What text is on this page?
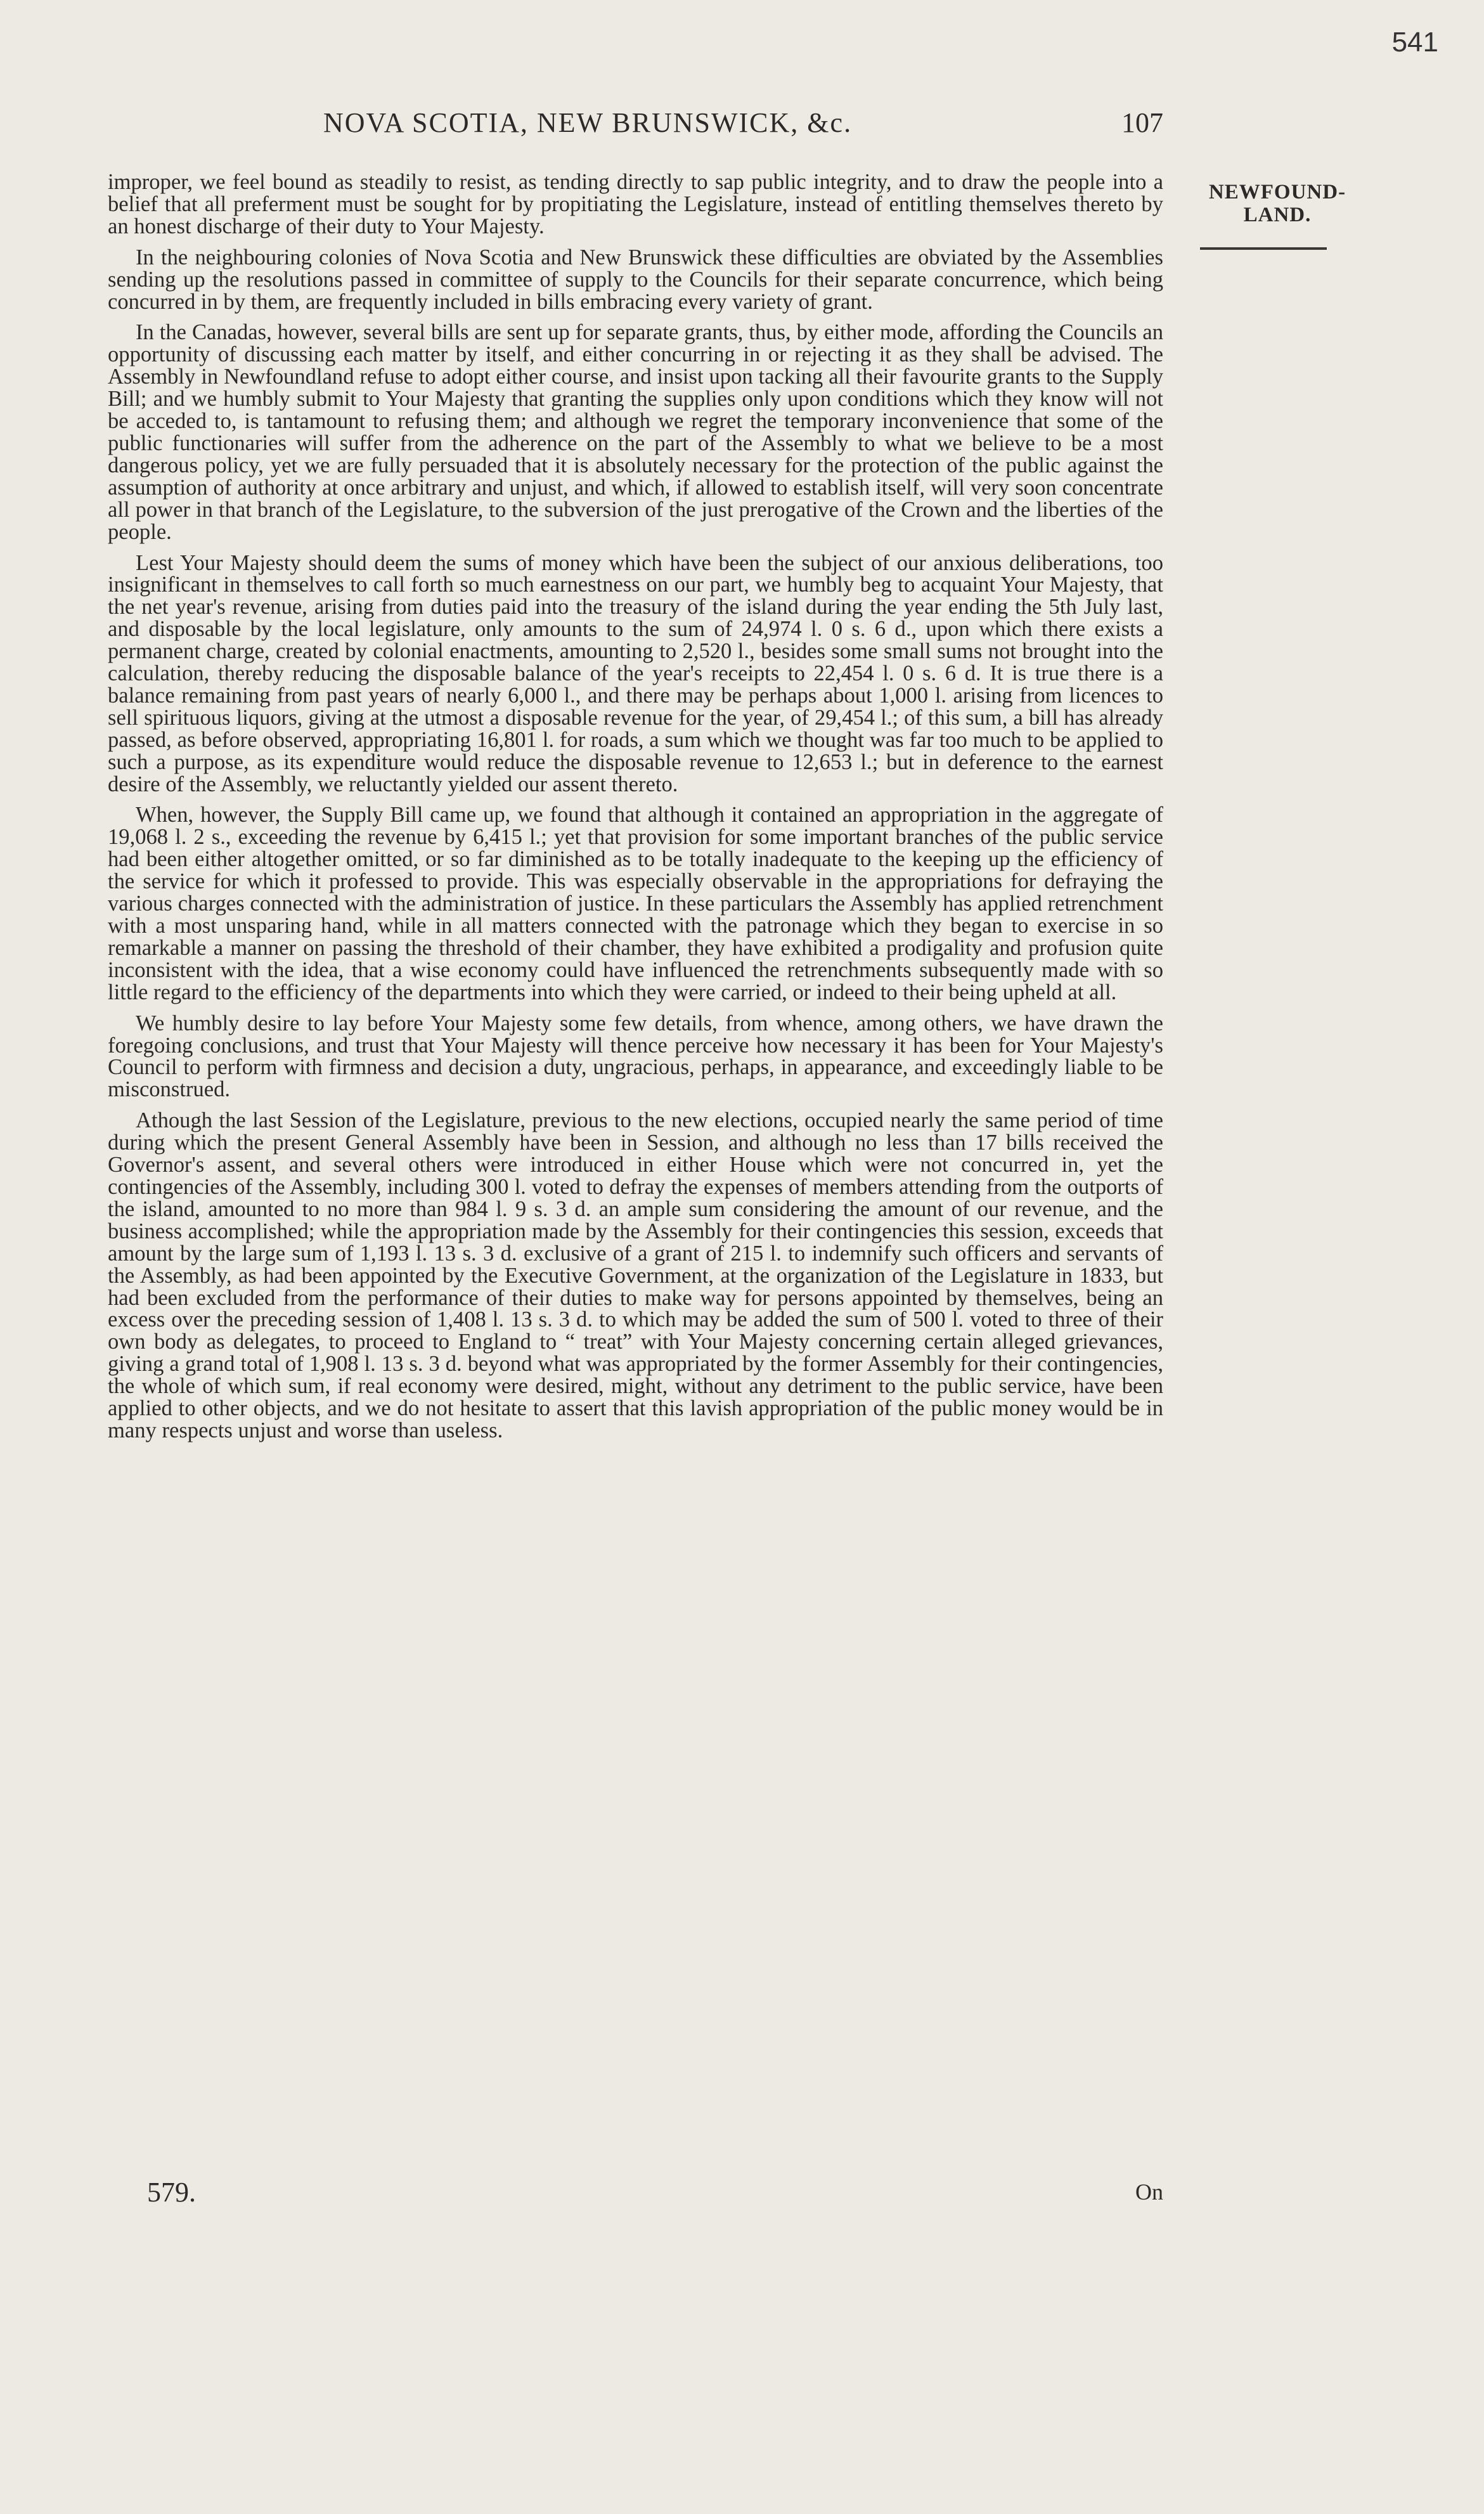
541
NOVA SCOTIA, NEW BRUNSWICK, &c.	107
NEWFOUND-
LAND.

improper, we feel bound as steadily to resist, as tending directly to sap public integrity, and to draw the people into a belief that all preferment must be sought for by propitiating the Legislature, instead of entitling themselves thereto by an honest discharge of their duty to Your Majesty.

In the neighbouring colonies of Nova Scotia and New Brunswick these difficulties are obviated by the Assemblies sending up the resolutions passed in committee of supply to the Councils for their separate concurrence, which being concurred in by them, are frequently included in bills embracing every variety of grant.

In the Canadas, however, several bills are sent up for separate grants, thus, by either mode, affording the Councils an opportunity of discussing each matter by itself, and either concurring in or rejecting it as they shall be advised. The Assembly in Newfoundland refuse to adopt either course, and insist upon tacking all their favourite grants to the Supply Bill; and we humbly submit to Your Majesty that granting the supplies only upon conditions which they know will not be acceded to, is tantamount to refusing them; and although we regret the temporary inconvenience that some of the public functionaries will suffer from the adherence on the part of the Assembly to what we believe to be a most dangerous policy, yet we are fully persuaded that it is absolutely necessary for the protection of the public against the assumption of authority at once arbitrary and unjust, and which, if allowed to establish itself, will very soon concentrate all power in that branch of the Legislature, to the subversion of the just prerogative of the Crown and the liberties of the people.

Lest Your Majesty should deem the sums of money which have been the subject of our anxious deliberations, too insignificant in themselves to call forth so much earnestness on our part, we humbly beg to acquaint Your Majesty, that the net year's revenue, arising from duties paid into the treasury of the island during the year ending the 5th July last, and disposable by the local legislature, only amounts to the sum of 24,974 l. 0 s. 6 d., upon which there exists a permanent charge, created by colonial enactments, amounting to 2,520 l., besides some small sums not brought into the calculation, thereby reducing the disposable balance of the year's receipts to 22,454 l. 0 s. 6 d. It is true there is a balance remaining from past years of nearly 6,000 l., and there may be perhaps about 1,000 l. arising from licences to sell spirituous liquors, giving at the utmost a disposable revenue for the year, of 29,454 l.; of this sum, a bill has already passed, as before observed, appropriating 16,801 l. for roads, a sum which we thought was far too much to be applied to such a purpose, as its expenditure would reduce the disposable revenue to 12,653 l.; but in deference to the earnest desire of the Assembly, we reluctantly yielded our assent thereto.

When, however, the Supply Bill came up, we found that although it contained an appropriation in the aggregate of 19,068 l. 2 s., exceeding the revenue by 6,415 l.; yet that provision for some important branches of the public service had been either altogether omitted, or so far diminished as to be totally inadequate to the keeping up the efficiency of the service for which it professed to provide. This was especially observable in the appropriations for defraying the various charges connected with the administration of justice. In these particulars the Assembly has applied retrenchment with a most unsparing hand, while in all matters connected with the patronage which they began to exercise in so remarkable a manner on passing the threshold of their chamber, they have exhibited a prodigality and profusion quite inconsistent with the idea, that a wise economy could have influenced the retrenchments subsequently made with so little regard to the efficiency of the departments into which they were carried, or indeed to their being upheld at all.

We humbly desire to lay before Your Majesty some few details, from whence, among others, we have drawn the foregoing conclusions, and trust that Your Majesty will thence perceive how necessary it has been for Your Majesty's Council to perform with firmness and decision a duty, ungracious, perhaps, in appearance, and exceedingly liable to be misconstrued.

Athough the last Session of the Legislature, previous to the new elections, occupied nearly the same period of time during which the present General Assembly have been in Session, and although no less than 17 bills received the Governor's assent, and several others were introduced in either House which were not concurred in, yet the contingencies of the Assembly, including 300 l. voted to defray the expenses of members attending from the outports of the island, amounted to no more than 984 l. 9 s. 3 d. an ample sum considering the amount of our revenue, and the business accomplished; while the appropriation made by the Assembly for their contingencies this session, exceeds that amount by the large sum of 1,193 l. 13 s. 3 d. exclusive of a grant of 215 l. to indemnify such officers and servants of the Assembly, as had been appointed by the Executive Government, at the organization of the Legislature in 1833, but had been excluded from the performance of their duties to make way for persons appointed by themselves, being an excess over the preceding session of 1,408 l. 13 s. 3 d. to which may be added the sum of 500 l. voted to three of their own body as delegates, to proceed to England to “ treat” with Your Majesty concerning certain alleged grievances, giving a grand total of 1,908 l. 13 s. 3 d. beyond what was appropriated by the former Assembly for their contingencies, the whole of which sum, if real economy were desired, might, without any detriment to the public service, have been applied to other objects, and we do not hesitate to assert that this lavish appropriation of the public money would be in many respects unjust and worse than useless.

579.	On
